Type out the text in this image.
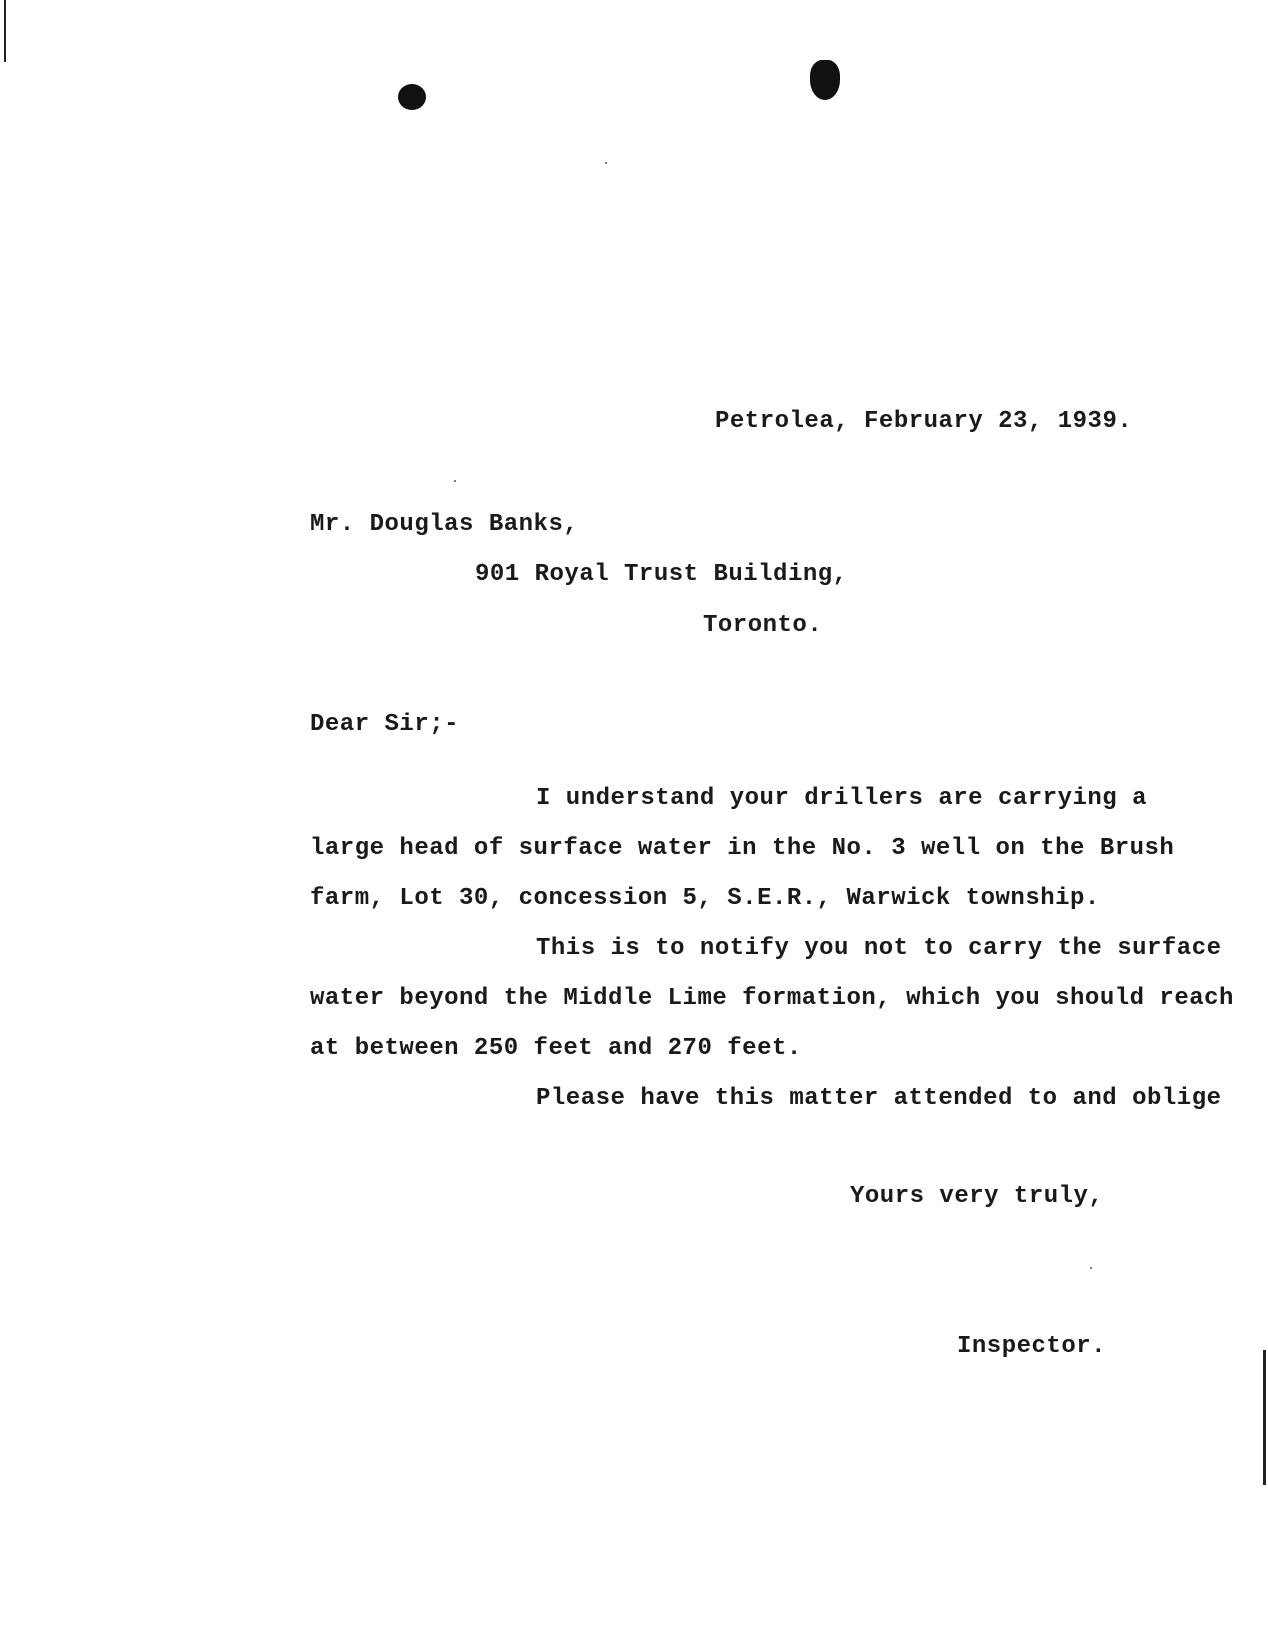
Petrolea, February 23, 1939.
Mr. Douglas Banks,
901 Royal Trust Building,
Toronto.
Dear Sir;-
I understand your drillers are carrying a
large head of surface water in the No. 3 well on the Brush
farm, Lot 30, concession 5, S.E.R., Warwick township.
This is to notify you not to carry the surface
water beyond the Middle Lime formation, which you should reach
at between 250 feet and 270 feet.
Please have this matter attended to and oblige
Yours very truly,
Inspector.
